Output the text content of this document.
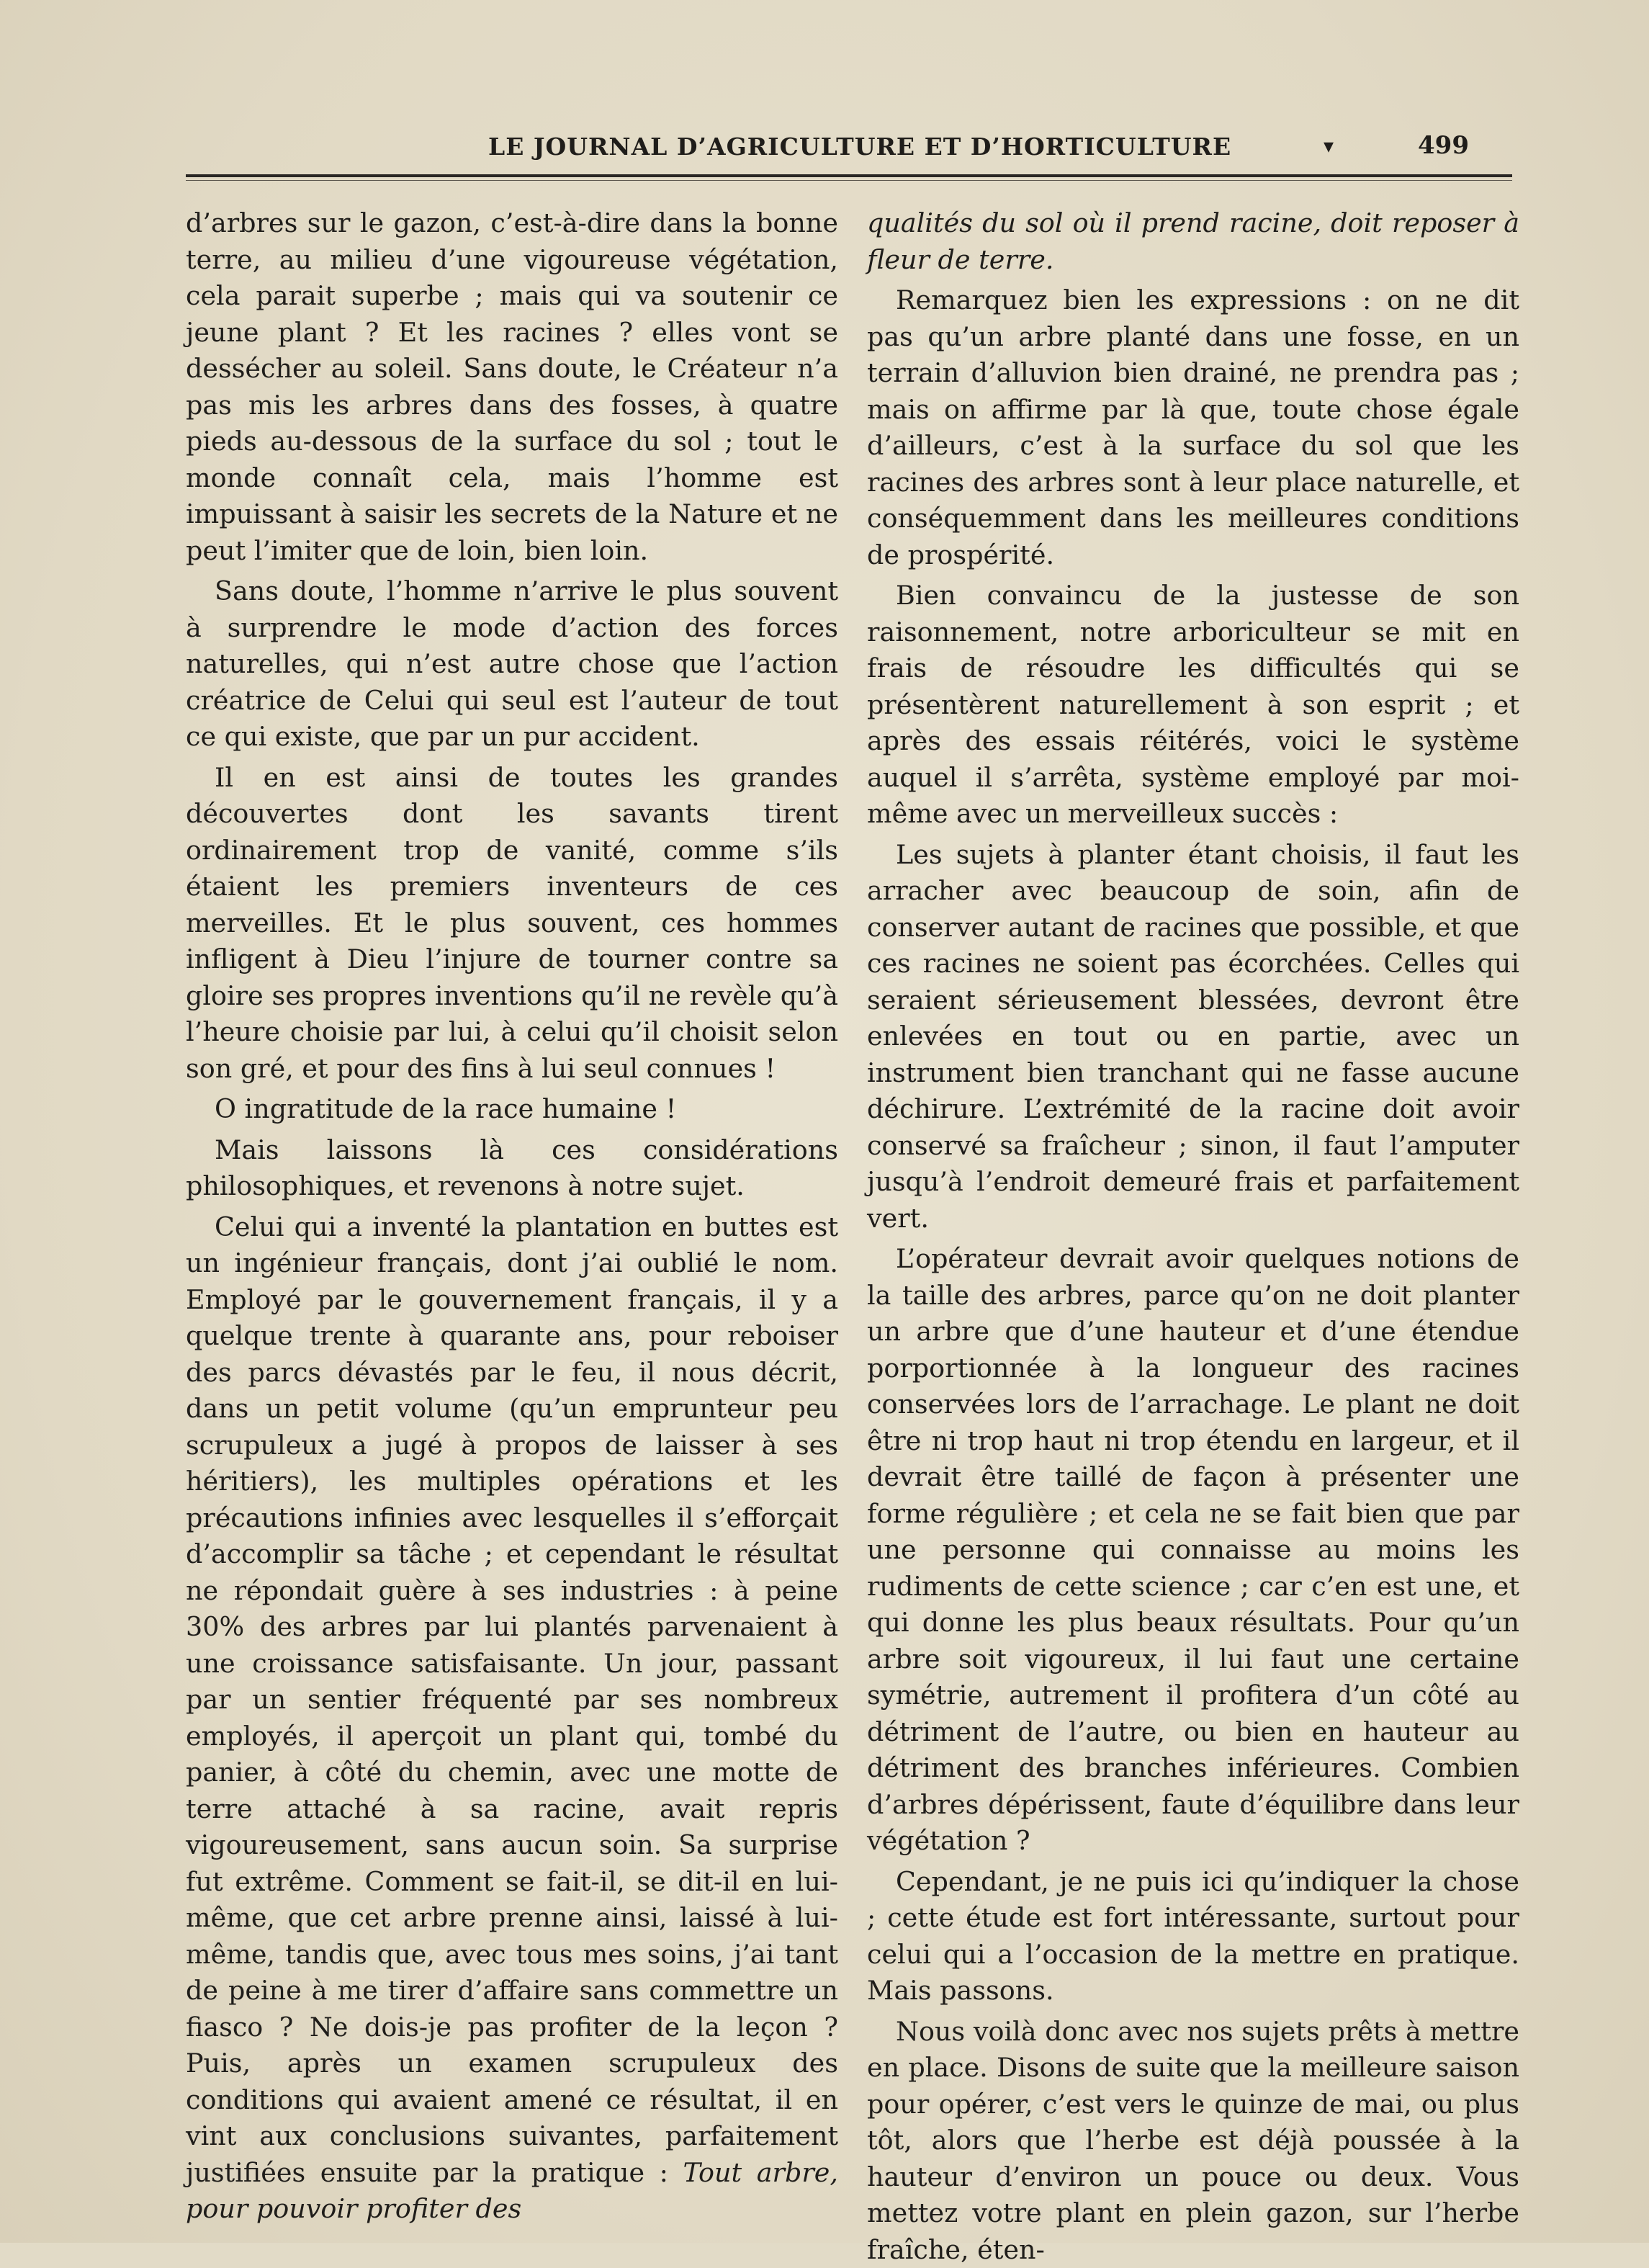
LE JOURNAL D’AGRICULTURE ET D’HORTICULTURE	▾	499

d’arbres sur le gazon, c’est-à-dire dans la bonne terre, au milieu d’une vigoureuse végétation, cela parait superbe ; mais qui va soutenir ce jeune plant ? Et les racines ? elles vont se dessécher au soleil. Sans doute, le Créateur n’a pas mis les arbres dans des fosses, à quatre pieds au-dessous de la surface du sol ; tout le monde connaît cela, mais l’homme est impuissant à saisir les secrets de la Nature et ne peut l’imiter que de loin, bien loin.

Sans doute, l’homme n’arrive le plus souvent à surprendre le mode d’action des forces naturelles, qui n’est autre chose que l’action créatrice de Celui qui seul est l’auteur de tout ce qui existe, que par un pur accident.

Il en est ainsi de toutes les grandes découvertes dont les savants tirent ordinairement trop de vanité, comme s’ils étaient les premiers inventeurs de ces merveilles. Et le plus souvent, ces hommes infligent à Dieu l’injure de tourner contre sa gloire ses propres inventions qu’il ne revèle qu’à l’heure choisie par lui, à celui qu’il choisit selon son gré, et pour des fins à lui seul connues !

O ingratitude de la race humaine !

Mais laissons là ces considérations philosophiques, et revenons à notre sujet.

Celui qui a inventé la plantation en buttes est un ingénieur français, dont j’ai oublié le nom. Employé par le gouvernement français, il y a quelque trente à quarante ans, pour reboiser des parcs dévastés par le feu, il nous décrit, dans un petit volume (qu’un emprunteur peu scrupuleux a jugé à propos de laisser à ses héritiers), les multiples opérations et les précautions infinies avec lesquelles il s’efforçait d’accomplir sa tâche ; et cependant le résultat ne répondait guère à ses industries : à peine 30% des arbres par lui plantés parvenaient à une croissance satisfaisante. Un jour, passant par un sentier fréquenté par ses nombreux employés, il aperçoit un plant qui, tombé du panier, à côté du chemin, avec une motte de terre attaché à sa racine, avait repris vigoureusement, sans aucun soin. Sa surprise fut extrême. Comment se fait-il, se dit-il en lui-même, que cet arbre prenne ainsi, laissé à lui-même, tandis que, avec tous mes soins, j’ai tant de peine à me tirer d’affaire sans commettre un fiasco ? Ne dois-je pas profiter de la leçon ? Puis, après un examen scrupuleux des conditions qui avaient amené ce résultat, il en vint aux conclusions suivantes, parfaitement justifiées ensuite par la pratique : Tout arbre, pour pouvoir profiter des

qualités du sol où il prend racine, doit reposer à fleur de terre.

Remarquez bien les expressions : on ne dit pas qu’un arbre planté dans une fosse, en un terrain d’alluvion bien drainé, ne prendra pas ; mais on affirme par là que, toute chose égale d’ailleurs, c’est à la surface du sol que les racines des arbres sont à leur place naturelle, et conséquemment dans les meilleures conditions de prospérité.

Bien convaincu de la justesse de son raisonnement, notre arboriculteur se mit en frais de résoudre les difficultés qui se présentèrent naturellement à son esprit ; et après des essais réitérés, voici le système auquel il s’arrêta, système employé par moi-même avec un merveilleux succès :

Les sujets à planter étant choisis, il faut les arracher avec beaucoup de soin, afin de conserver autant de racines que possible, et que ces racines ne soient pas écorchées. Celles qui seraient sérieusement blessées, devront être enlevées en tout ou en partie, avec un instrument bien tranchant qui ne fasse aucune déchirure. L’extrémité de la racine doit avoir conservé sa fraîcheur ; sinon, il faut l’amputer jusqu’à l’endroit demeuré frais et parfaitement vert.

L’opérateur devrait avoir quelques notions de la taille des arbres, parce qu’on ne doit planter un arbre que d’une hauteur et d’une étendue porportionnée à la longueur des racines conservées lors de l’arrachage. Le plant ne doit être ni trop haut ni trop étendu en largeur, et il devrait être taillé de façon à présenter une forme régulière ; et cela ne se fait bien que par une personne qui connaisse au moins les rudiments de cette science ; car c’en est une, et qui donne les plus beaux résultats. Pour qu’un arbre soit vigoureux, il lui faut une certaine symétrie, autrement il profitera d’un côté au détriment de l’autre, ou bien en hauteur au détriment des branches inférieures. Combien d’arbres dépérissent, faute d’équilibre dans leur végétation ?

Cependant, je ne puis ici qu’indiquer la chose ; cette étude est fort intéressante, surtout pour celui qui a l’occasion de la mettre en pratique. Mais passons.

Nous voilà donc avec nos sujets prêts à mettre en place. Disons de suite que la meilleure saison pour opérer, c’est vers le quinze de mai, ou plus tôt, alors que l’herbe est déjà poussée à la hauteur d’environ un pouce ou deux. Vous mettez votre plant en plein gazon, sur l’herbe fraîche, éten-
